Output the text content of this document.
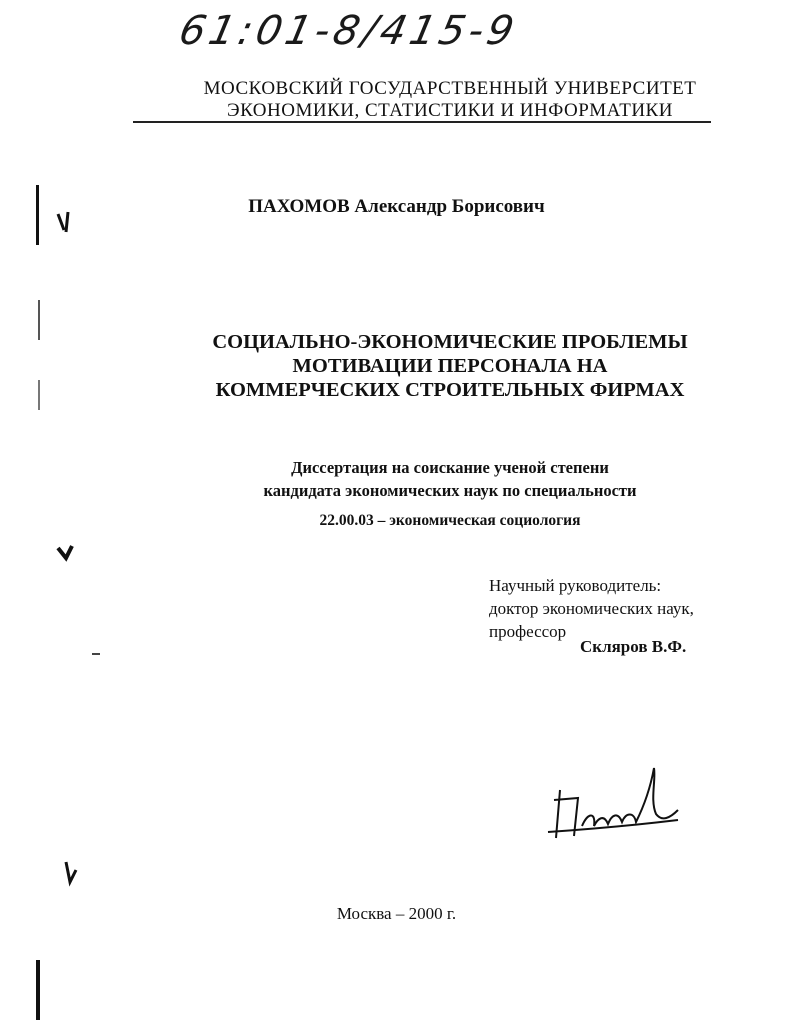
61:01-8/415-9
МОСКОВСКИЙ ГОСУДАРСТВЕННЫЙ УНИВЕРСИТЕТ
ЭКОНОМИКИ, СТАТИСТИКИ И ИНФОРМАТИКИ
ПАХОМОВ Александр Борисович
СОЦИАЛЬНО-ЭКОНОМИЧЕСКИЕ ПРОБЛЕМЫ
МОТИВАЦИИ ПЕРСОНАЛА НА
КОММЕРЧЕСКИХ СТРОИТЕЛЬНЫХ ФИРМАХ
Диссертация на соискание ученой степени
кандидата экономических наук по специальности
22.00.03 – экономическая социология
Научный руководитель:
доктор экономических наук,
профессор
Скляров В.Ф.
Москва – 2000 г.
